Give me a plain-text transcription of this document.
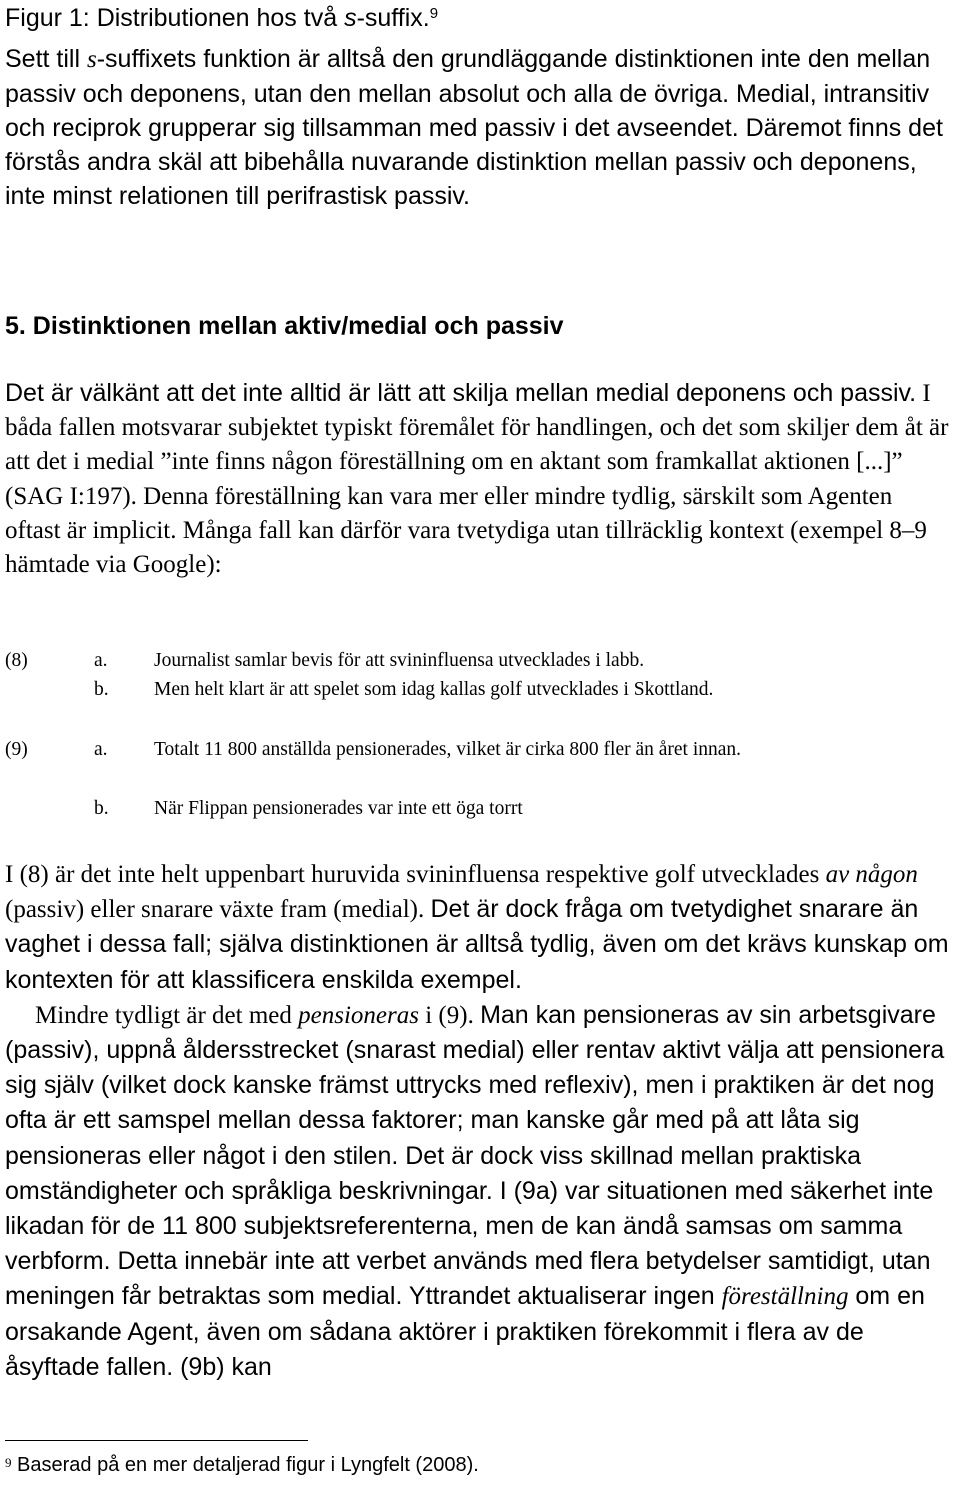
Figur 1: Distributionen hos två s-suffix.$^9$
Sett till s-suffixets funktion är alltså den grundläggande distinktionen inte den mellan passiv och deponens, utan den mellan absolut och alla de övriga. Medial, intransitiv och reciprok grupperar sig tillsamman med passiv i det avseendet. Däremot finns det förstås andra skäl att bibehålla nuvarande distinktion mellan passiv och deponens, inte minst relationen till perifrastisk passiv.
5. Distinktionen mellan aktiv/medial och passiv
Det är välkänt att det inte alltid är lätt att skilja mellan medial deponens och passiv. I båda fallen motsvarar subjektet typiskt föremålet för handlingen, och det som skiljer dem åt är att det i medial ”inte finns någon föreställning om en aktant som framkallat aktionen [...]” (SAG I:197). Denna föreställning kan vara mer eller mindre tydlig, särskilt som Agenten oftast är implicit. Många fall kan därför vara tvetydiga utan tillräcklig kontext (exempel 8–9 hämtade via Google):
(8)	a. Journalist samlar bevis för att svininfluensa utvecklades i labb.
b. Men helt klart är att spelet som idag kallas golf utvecklades i Skottland.
(9)	a. Totalt 11 800 anställda pensionerades, vilket är cirka 800 fler än året innan.
b. När Flippan pensionerades var inte ett öga torrt
I (8) är det inte helt uppenbart huruvida svininfluensa respektive golf utvecklades av någon (passiv) eller snarare växte fram (medial). Det är dock fråga om tvetydighet snarare än vaghet i dessa fall; själva distinktionen är alltså tydlig, även om det krävs kunskap om kontexten för att klassificera enskilda exempel.
Mindre tydligt är det med pensioneras i (9). Man kan pensioneras av sin arbetsgivare (passiv), uppnå åldersstrecket (snarast medial) eller rentav aktivt välja att pensionera sig själv (vilket dock kanske främst uttrycks med reflexiv), men i praktiken är det nog ofta är ett samspel mellan dessa faktorer; man kanske går med på att låta sig pensioneras eller något i den stilen. Det är dock viss skillnad mellan praktiska omständigheter och språkliga beskrivningar. I (9a) var situationen med säkerhet inte likadan för de 11 800 subjektsreferenterna, men de kan ändå samsas om samma verbform. Detta innebär inte att verbet används med flera betydelser samtidigt, utan meningen får betraktas som medial. Yttrandet aktualiserar ingen föreställning om en orsakande Agent, även om sådana aktörer i praktiken förekommit i flera av de åsyftade fallen. (9b) kan
$^9$ Baserad på en mer detaljerad figur i Lyngfelt (2008).
